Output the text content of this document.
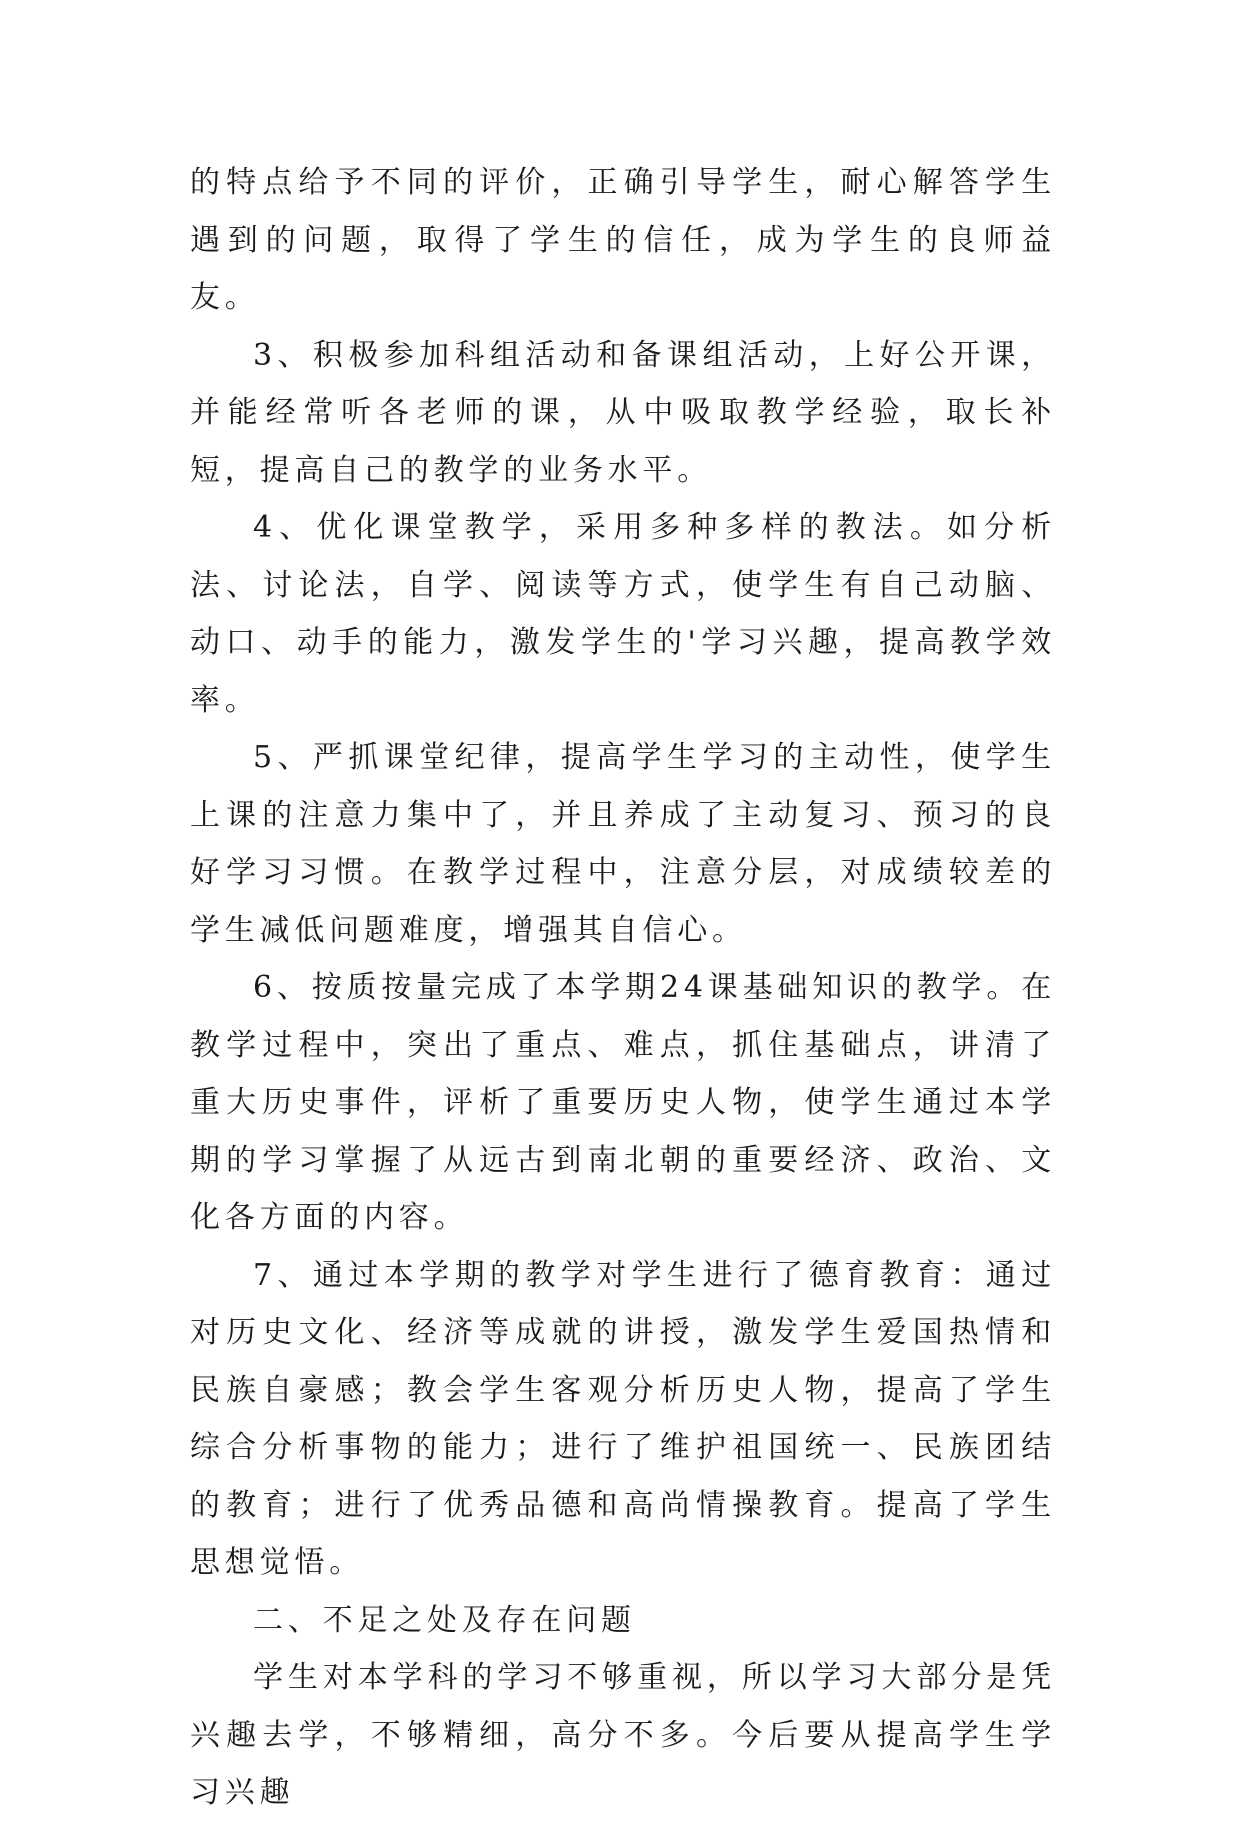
的特点给予不同的评价，正确引导学生，耐心解答学生遇到的问题，取得了学生的信任，成为学生的良师益友。

3、积极参加科组活动和备课组活动，上好公开课，并能经常听各老师的课，从中吸取教学经验，取长补短，提高自己的教学的业务水平。

4、优化课堂教学，采用多种多样的教法。如分析法、讨论法，自学、阅读等方式，使学生有自己动脑、动口、动手的能力，激发学生的'学习兴趣，提高教学效率。

5、严抓课堂纪律，提高学生学习的主动性，使学生上课的注意力集中了，并且养成了主动复习、预习的良好学习习惯。在教学过程中，注意分层，对成绩较差的学生减低问题难度，增强其自信心。

6、按质按量完成了本学期24课基础知识的教学。在教学过程中，突出了重点、难点，抓住基础点，讲清了重大历史事件，评析了重要历史人物，使学生通过本学期的学习掌握了从远古到南北朝的重要经济、政治、文化各方面的内容。

7、通过本学期的教学对学生进行了德育教育：通过对历史文化、经济等成就的讲授，激发学生爱国热情和民族自豪感；教会学生客观分析历史人物，提高了学生综合分析事物的能力；进行了维护祖国统一、民族团结的教育；进行了优秀品德和高尚情操教育。提高了学生思想觉悟。

二、不足之处及存在问题

学生对本学科的学习不够重视，所以学习大部分是凭兴趣去学，不够精细，高分不多。今后要从提高学生学习兴趣
